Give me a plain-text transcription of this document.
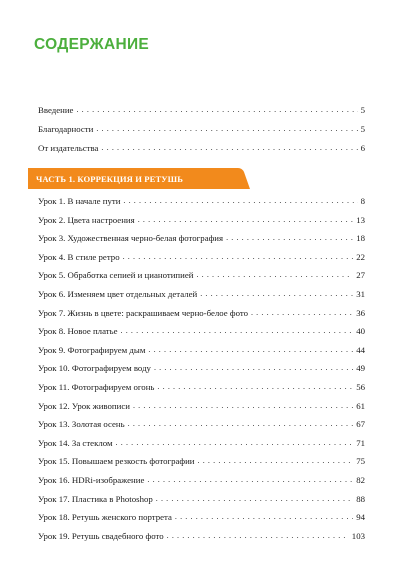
СОДЕРЖАНИЕ
Введение . . .	5
Благодарности . . .	5
От издательства . . .	6
ЧАСТЬ 1. КОРРЕКЦИЯ И РЕТУШЬ
Урок 1. В начале пути . . .	8
Урок 2. Цвета настроения . . .	13
Урок 3. Художественная черно-белая фотография . . .	18
Урок 4. В стиле ретро . . .	22
Урок 5. Обработка сепией и цианотипией . . .	27
Урок 6. Изменяем цвет отдельных деталей . . .	31
Урок 7. Жизнь в цвете: раскрашиваем черно-белое фото . . .	36
Урок 8. Новое платье . . .	40
Урок 9. Фотографируем дым . . .	44
Урок 10. Фотографируем воду . . .	49
Урок 11. Фотографируем огонь . . .	56
Урок 12. Урок живописи . . .	61
Урок 13. Золотая осень . . .	67
Урок 14. За стеклом . . .	71
Урок 15. Повышаем резкость фотографии . . .	75
Урок 16. HDRi-изображение . . .	82
Урок 17. Пластика в Photoshop . . .	88
Урок 18. Ретушь женского портрета . . .	94
Урок 19. Ретушь свадебного фото . . .	103
